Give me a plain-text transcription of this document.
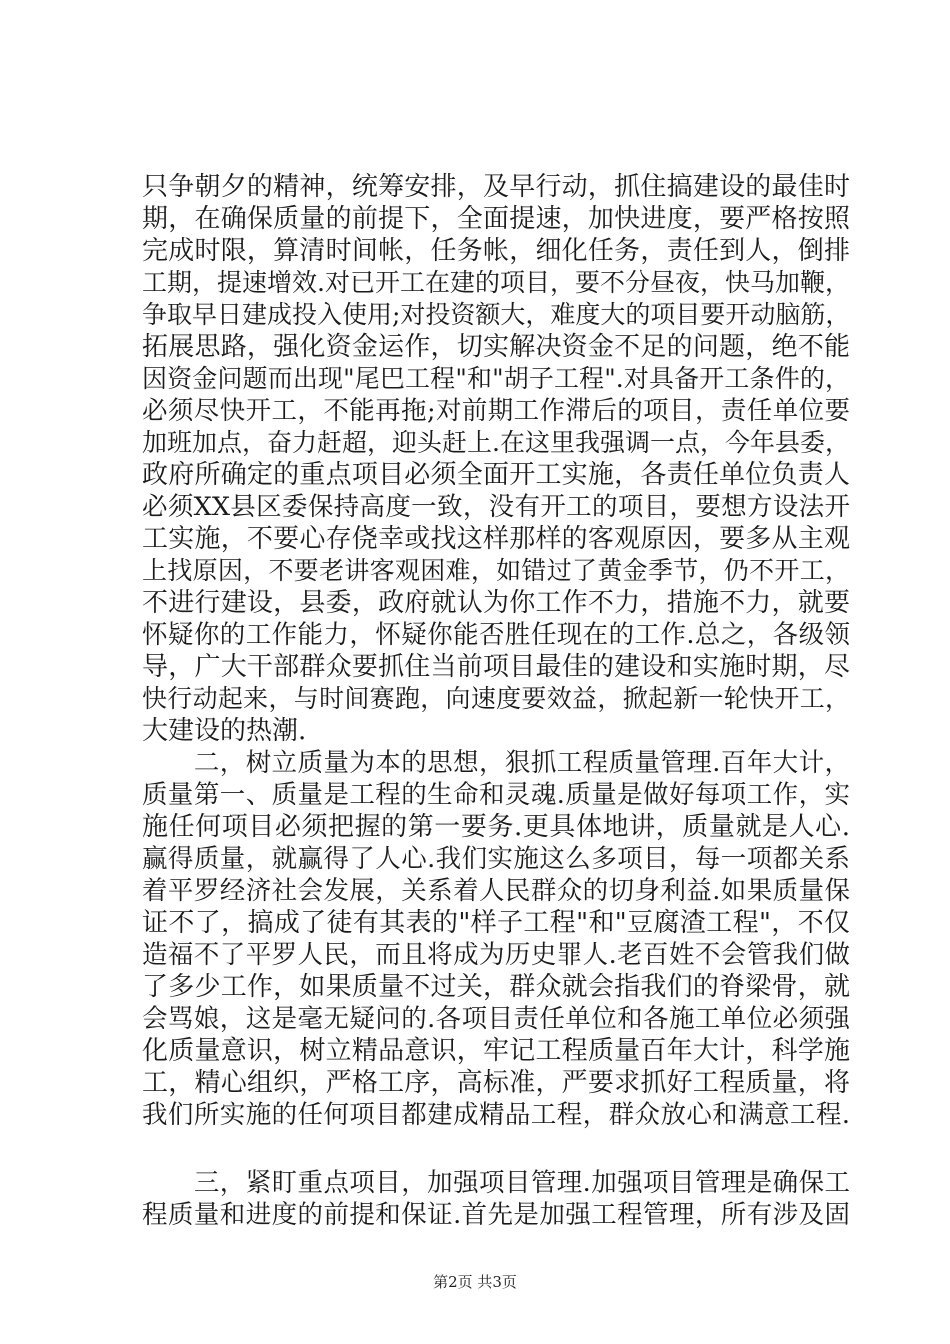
只争朝夕的精神，统筹安排，及早行动，抓住搞建设的最佳时
期，在确保质量的前提下，全面提速，加快进度，要严格按照
完成时限，算清时间帐，任务帐，细化任务，责任到人，倒排
工期，提速增效.对已开工在建的项目，要不分昼夜，快马加鞭，
争取早日建成投入使用;对投资额大，难度大的项目要开动脑筋，
拓展思路，强化资金运作，切实解决资金不足的问题，绝不能
因资金问题而出现"尾巴工程"和"胡子工程".对具备开工条件的，
必须尽快开工，不能再拖;对前期工作滞后的项目，责任单位要
加班加点，奋力赶超，迎头赶上.在这里我强调一点，今年县委，
政府所确定的重点项目必须全面开工实施，各责任单位负责人
必须XX县区委保持高度一致，没有开工的项目，要想方设法开
工实施，不要心存侥幸或找这样那样的客观原因，要多从主观
上找原因，不要老讲客观困难，如错过了黄金季节，仍不开工，
不进行建设，县委，政府就认为你工作不力，措施不力，就要
怀疑你的工作能力，怀疑你能否胜任现在的工作.总之，各级领
导，广大干部群众要抓住当前项目最佳的建设和实施时期，尽
快行动起来，与时间赛跑，向速度要效益，掀起新一轮快开工，
大建设的热潮.
　　二，树立质量为本的思想，狠抓工程质量管理.百年大计，
质量第一、质量是工程的生命和灵魂.质量是做好每项工作，实
施任何项目必须把握的第一要务.更具体地讲，质量就是人心.
赢得质量，就赢得了人心.我们实施这么多项目，每一项都关系
着平罗经济社会发展，关系着人民群众的切身利益.如果质量保
证不了，搞成了徒有其表的"样子工程"和"豆腐渣工程"，不仅
造福不了平罗人民，而且将成为历史罪人.老百姓不会管我们做
了多少工作，如果质量不过关，群众就会指我们的脊梁骨，就
会骂娘，这是毫无疑问的.各项目责任单位和各施工单位必须强
化质量意识，树立精品意识，牢记工程质量百年大计，科学施
工，精心组织，严格工序，高标准，严要求抓好工程质量，将
我们所实施的任何项目都建成精品工程，群众放心和满意工程.
　　三，紧盯重点项目，加强项目管理.加强项目管理是确保工
程质量和进度的前提和保证.首先是加强工程管理，所有涉及固
第2页 共3页
